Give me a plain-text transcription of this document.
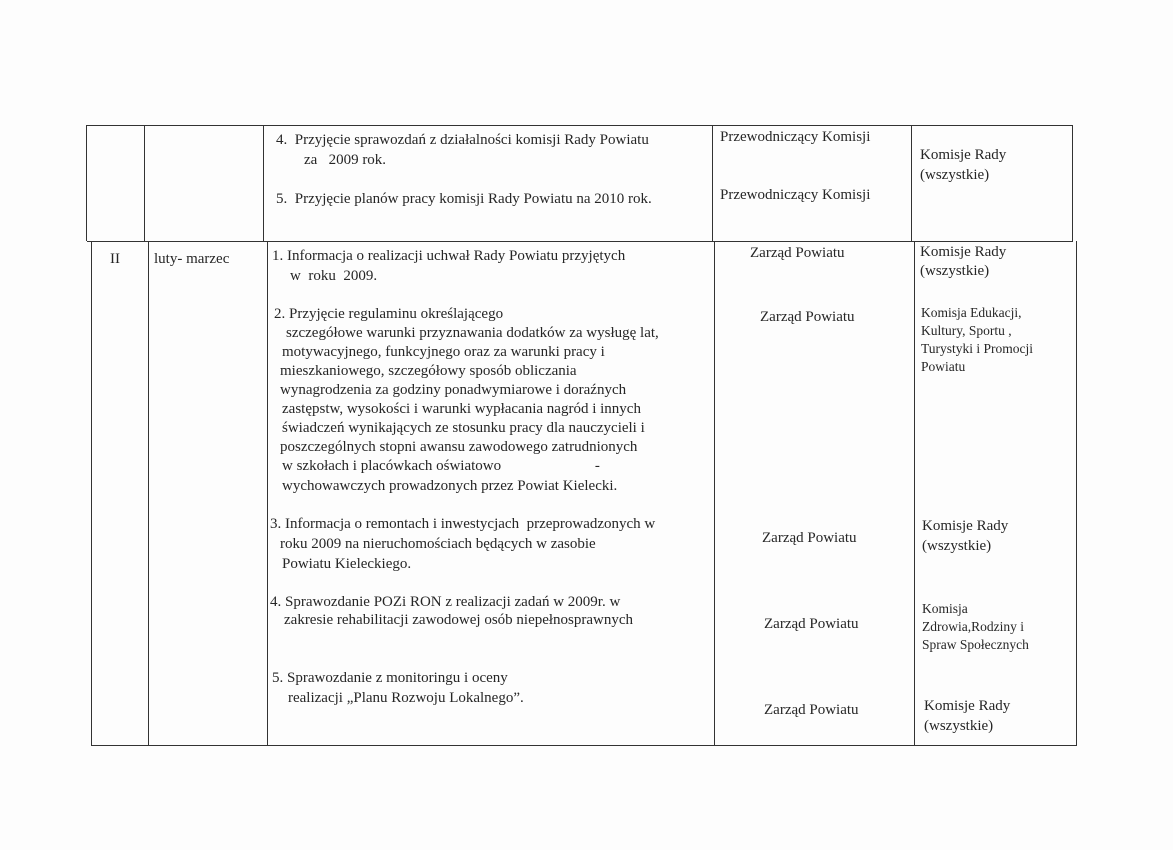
4.  Przyjęcie sprawozdań z działalności komisji Rady Powiatu
za   2009 rok.
5.  Przyjęcie planów pracy komisji Rady Powiatu na 2010 rok.
Przewodniczący Komisji
Przewodniczący Komisji
Komisje Rady
(wszystkie)
II luty- marzec	1. Informacja o realizacji uchwał Rady Powiatu przyjętych
w  roku  2009.
2. Przyjęcie regulaminu określającego
szczegółowe warunki przyznawania dodatków za wysługę lat,
motywacyjnego, funkcyjnego oraz za warunki pracy i
mieszkaniowego, szczegółowy sposób obliczania
wynagrodzenia za godziny ponadwymiarowe i doraźnych
zastępstw, wysokości i warunki wypłacania nagród i innych
świadczeń wynikających ze stosunku pracy dla nauczycieli i
poszczególnych stopni awansu zawodowego zatrudnionych
w szkołach i placówkach oświatowo                         -
wychowawczych prowadzonych przez Powiat Kielecki.
3. Informacja o remontach i inwestycjach  przeprowadzonych w
roku 2009 na nieruchomościach będących w zasobie
Powiatu Kieleckiego.
4. Sprawozdanie POZi RON z realizacji zadań w 2009r. w
zakresie rehabilitacji zawodowej osób niepełnosprawnych
5. Sprawozdanie z monitoringu i oceny
realizacji „Planu Rozwoju Lokalnego”.
Zarząd Powiatu
Zarząd Powiatu
Zarząd Powiatu
Zarząd Powiatu
Zarząd Powiatu
Komisje Rady
(wszystkie)
Komisja Edukacji,
Kultury, Sportu ,
Turystyki i Promocji
Powiatu
Komisje Rady
(wszystkie)
Komisja
Zdrowia,Rodziny i
Spraw Społecznych
Komisje Rady
(wszystkie)
